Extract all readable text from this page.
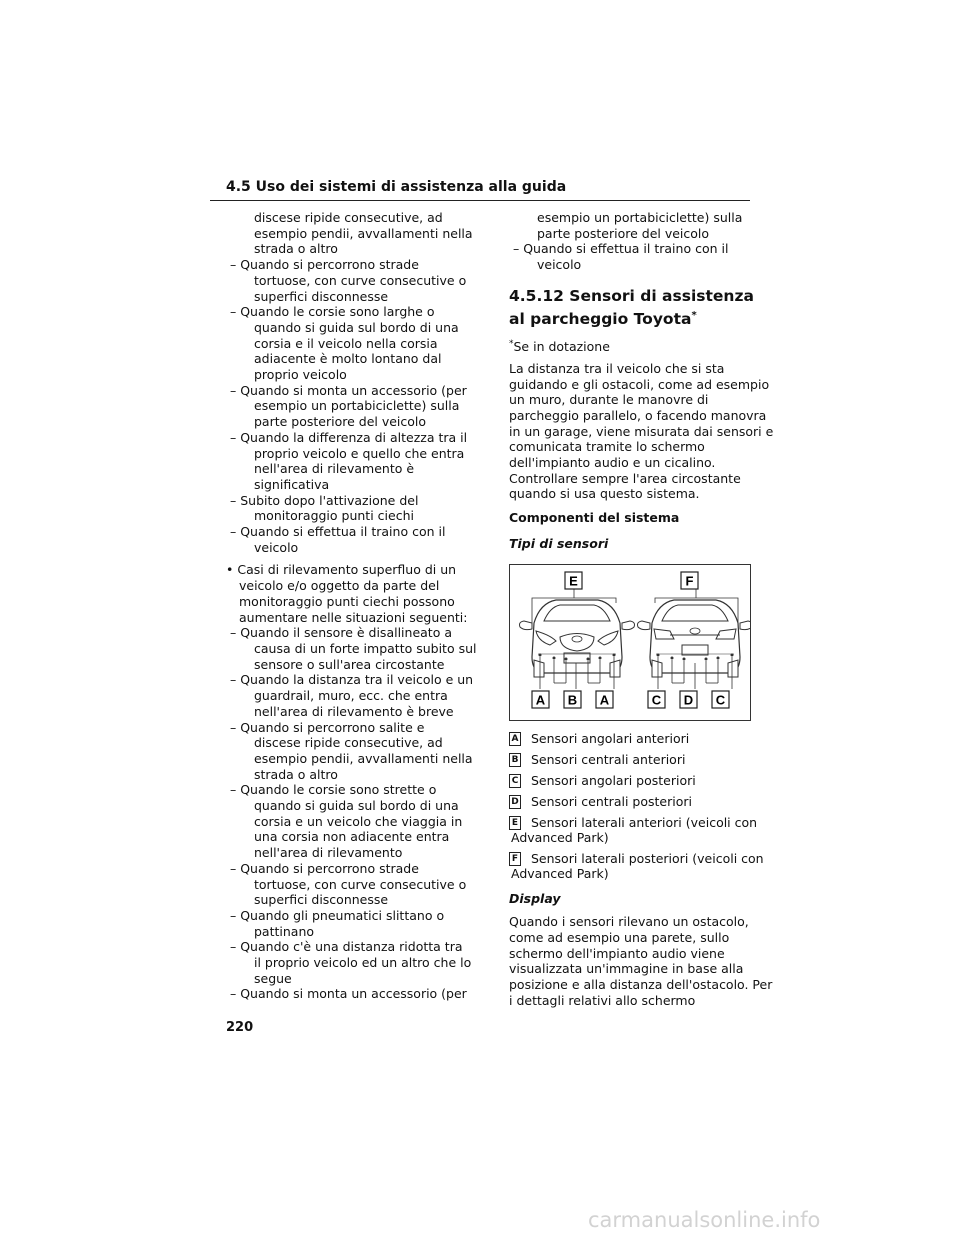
4.5 Uso dei sistemi di assistenza alla guida
discese ripide consecutive, ad
esempio pendii, avvallamenti nella
strada o altro
– Quando si percorrono strade
tortuose, con curve consecutive o
superfici disconnesse
– Quando le corsie sono larghe o
quando si guida sul bordo di una
corsia e il veicolo nella corsia
adiacente è molto lontano dal
proprio veicolo
– Quando si monta un accessorio (per
esempio un portabiciclette) sulla
parte posteriore del veicolo
– Quando la differenza di altezza tra il
proprio veicolo e quello che entra
nell'area di rilevamento è
significativa
– Subito dopo l'attivazione del
monitoraggio punti ciechi
– Quando si effettua il traino con il
veicolo
• Casi di rilevamento superfluo di un
veicolo e/o oggetto da parte del
monitoraggio punti ciechi possono
aumentare nelle situazioni seguenti:
– Quando il sensore è disallineato a
causa di un forte impatto subito sul
sensore o sull'area circostante
– Quando la distanza tra il veicolo e un
guardrail, muro, ecc. che entra
nell'area di rilevamento è breve
– Quando si percorrono salite e
discese ripide consecutive, ad
esempio pendii, avvallamenti nella
strada o altro
– Quando le corsie sono strette o
quando si guida sul bordo di una
corsia e un veicolo che viaggia in
una corsia non adiacente entra
nell'area di rilevamento
– Quando si percorrono strade
tortuose, con curve consecutive o
superfici disconnesse
– Quando gli pneumatici slittano o
pattinano
– Quando c'è una distanza ridotta tra
il proprio veicolo ed un altro che lo
segue
– Quando si monta un accessorio (per
esempio un portabiciclette) sulla
parte posteriore del veicolo
– Quando si effettua il traino con il
veicolo
4.5.12 Sensori di assistenza al parcheggio Toyota*
*Se in dotazione
La distanza tra il veicolo che si sta
guidando e gli ostacoli, come ad esempio
un muro, durante le manovre di
parcheggio parallelo, o facendo manovra
in un garage, viene misurata dai sensori e
comunicata tramite lo schermo
dell'impianto audio e un cicalino.
Controllare sempre l'area circostante
quando si usa questo sistema.
Componenti del sistema
Tipi di sensori
E	F
A B A	C D C
A Sensori angolari anteriori
B Sensori centrali anteriori
C Sensori angolari posteriori
D Sensori centrali posteriori
E Sensori laterali anteriori (veicoli con
Advanced Park)
F Sensori laterali posteriori (veicoli con
Advanced Park)
Display
Quando i sensori rilevano un ostacolo,
come ad esempio una parete, sullo
schermo dell'impianto audio viene
visualizzata un'immagine in base alla
posizione e alla distanza dell'ostacolo. Per
i dettagli relativi allo schermo
220
carmanualsonline.info
